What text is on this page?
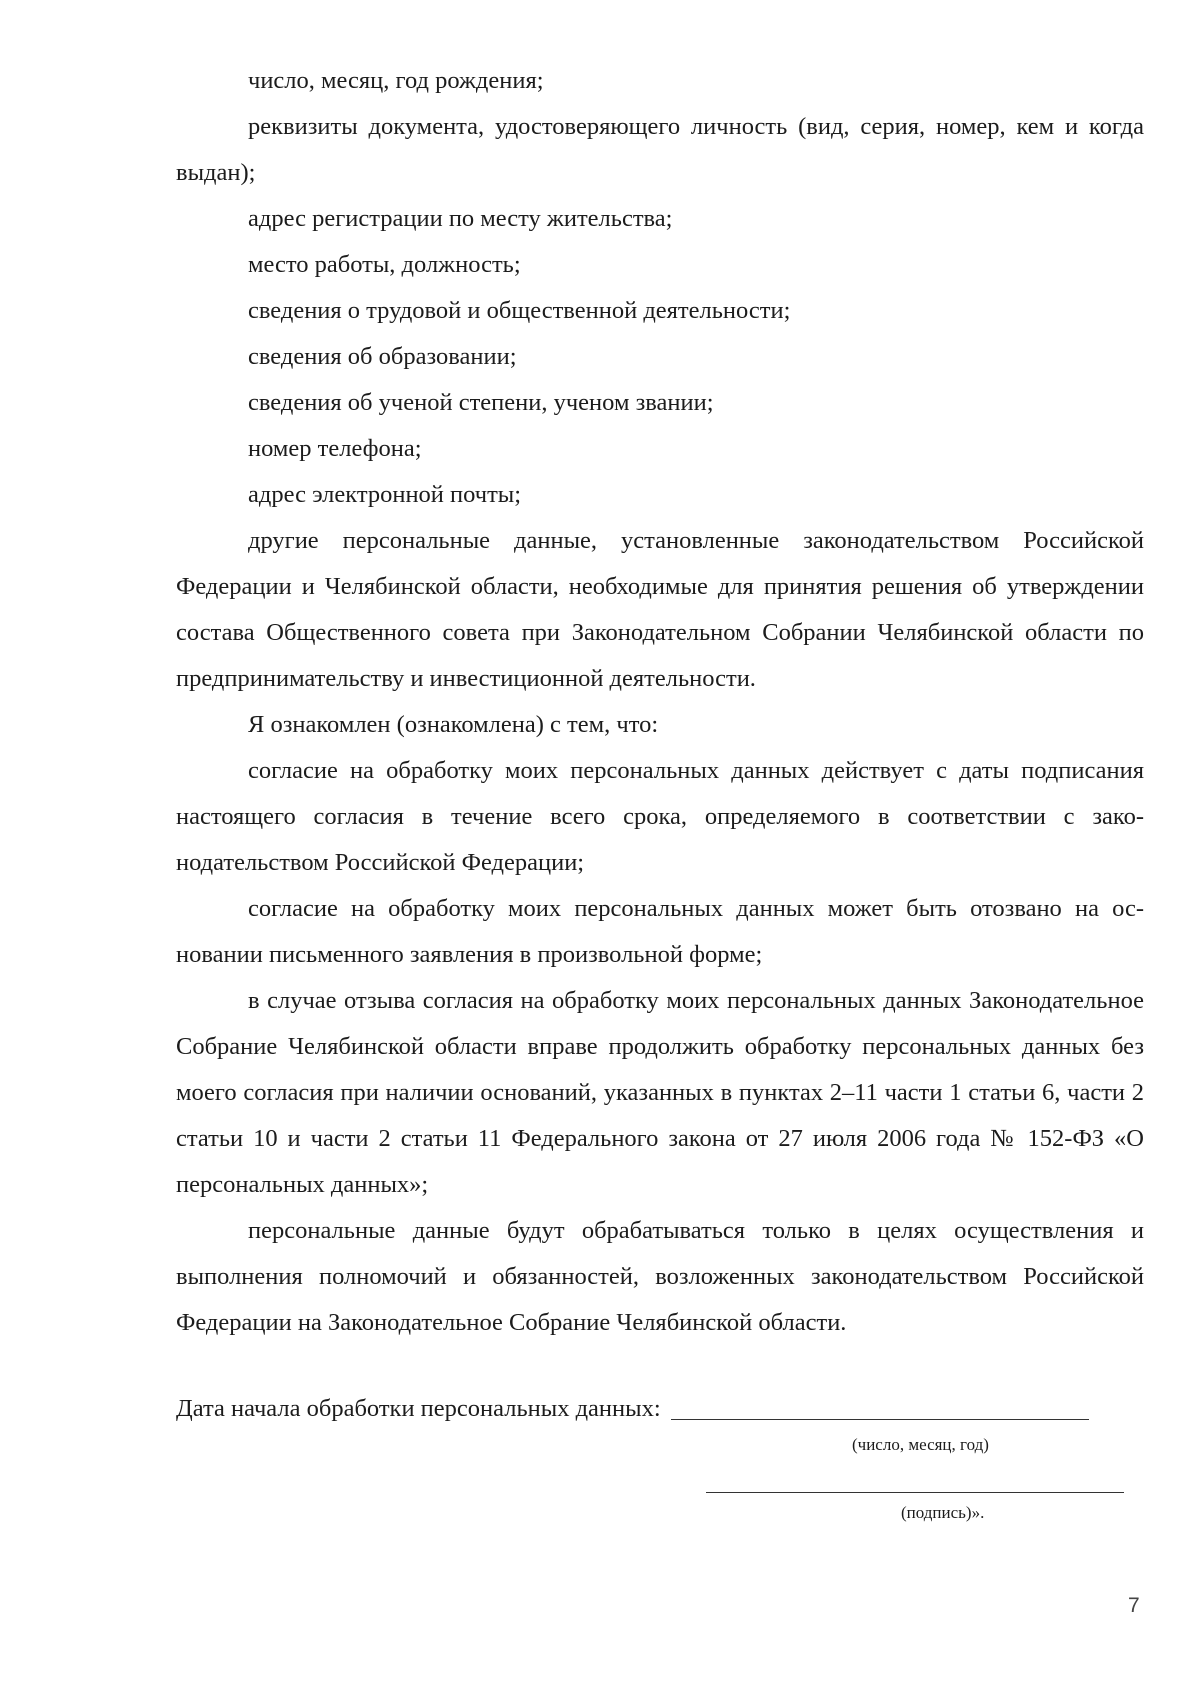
число, месяц, год рождения;

реквизиты документа, удостоверяющего личность (вид, серия, номер, кем и когда выдан);

адрес регистрации по месту жительства;

место работы, должность;

сведения о трудовой и общественной деятельности;

сведения об образовании;

сведения об ученой степени, ученом звании;

номер телефона;

адрес электронной почты;

другие персональные данные, установленные законодательством Российской Федерации и Челябинской области, необходимые для принятия решения об утверждении состава Общественного совета при Законодательном Собрании Челябинской области по предпринимательству и инвестиционной деятельности.

Я ознакомлен (ознакомлена) с тем, что:

согласие на обработку моих персональных данных действует с даты подписания настоящего согласия в течение всего срока, определяемого в соответствии с законодательством Российской Федерации;

согласие на обработку моих персональных данных может быть отозвано на основании письменного заявления в произвольной форме;

в случае отзыва согласия на обработку моих персональных данных Законодательное Собрание Челябинской области вправе продолжить обработку персональных данных без моего согласия при наличии оснований, указанных в пунктах 2–11 части 1 статьи 6, части 2 статьи 10 и части 2 статьи 11 Федерального закона от 27 июля 2006 года № 152-ФЗ «О персональных данных»;

персональные данные будут обрабатываться только в целях осуществления и выполнения полномочий и обязанностей, возложенных законодательством Российской Федерации на Законодательное Собрание Челябинской области.

Дата начала обработки персональных данных:
(число, месяц, год)
(подпись)».
7
